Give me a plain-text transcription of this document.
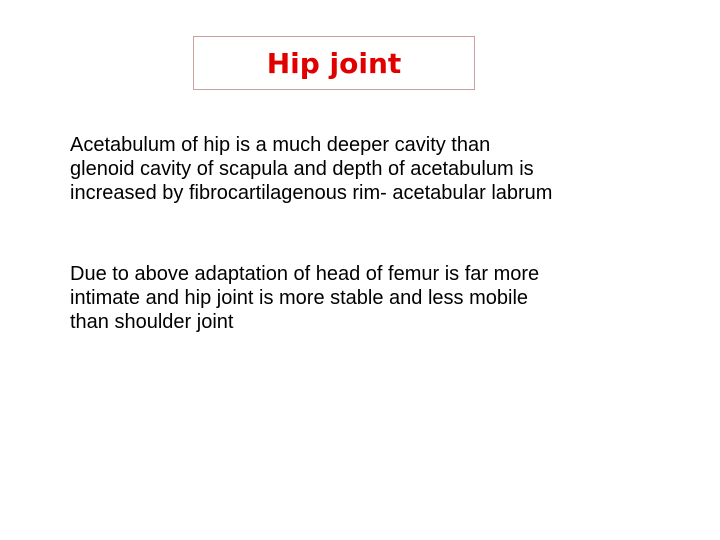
Hip joint

Acetabulum of hip is a much deeper cavity than
glenoid cavity of scapula and depth of acetabulum is
increased by fibrocartilagenous rim- acetabular labrum

Due to above adaptation of head of femur is far more
intimate and hip joint is more stable and less mobile
than shoulder joint
